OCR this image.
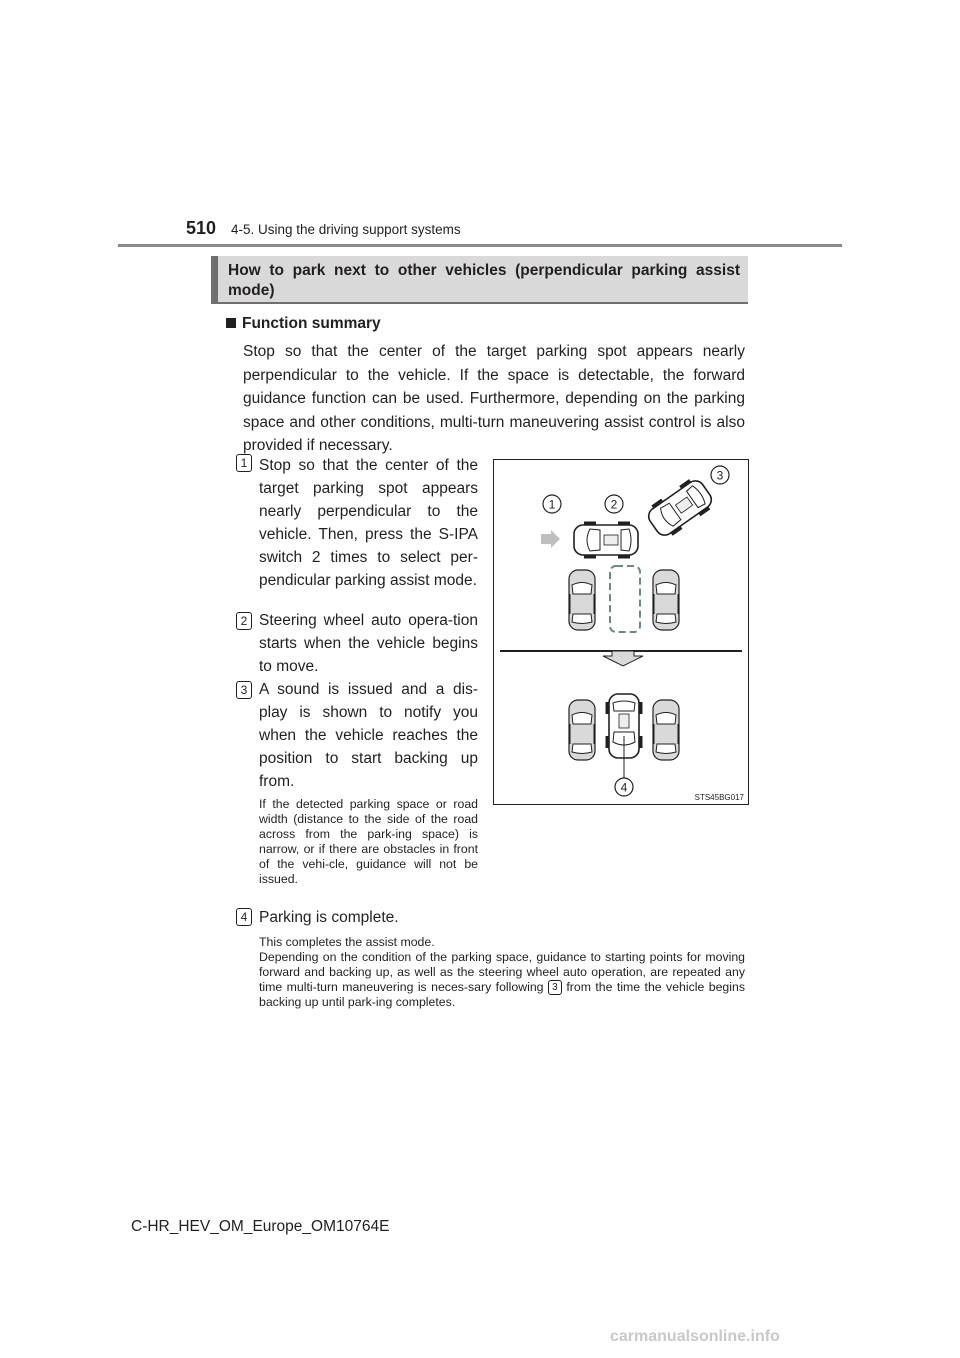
510 4-5. Using the driving support systems
How to park next to other vehicles (perpendicular parking assist mode)
Function summary
Stop so that the center of the target parking spot appears nearly perpendicular to the vehicle. If the space is detectable, the forward guidance function can be used. Furthermore, depending on the parking space and other conditions, multi-turn maneuvering assist control is also provided if necessary.
1 Stop so that the center of the target parking spot appears nearly perpendicular to the vehicle. Then, press the S-IPA switch 2 times to select per-pendicular parking assist mode.
2 Steering wheel auto opera-tion starts when the vehicle begins to move.
3 A sound is issued and a dis-play is shown to notify you when the vehicle reaches the position to start backing up from.
If the detected parking space or road width (distance to the side of the road across from the park-ing space) is narrow, or if there are obstacles in front of the vehi-cle, guidance will not be issued.
4 Parking is complete.
This completes the assist mode.
Depending on the condition of the parking space, guidance to starting points for moving forward and backing up, as well as the steering wheel auto operation, are repeated any time multi-turn maneuvering is neces-sary following 3 from the time the vehicle begins backing up until park-ing completes.
1	2
3
4
STS45BG017
C-HR_HEV_OM_Europe_OM10764E
carmanualsonline.info
